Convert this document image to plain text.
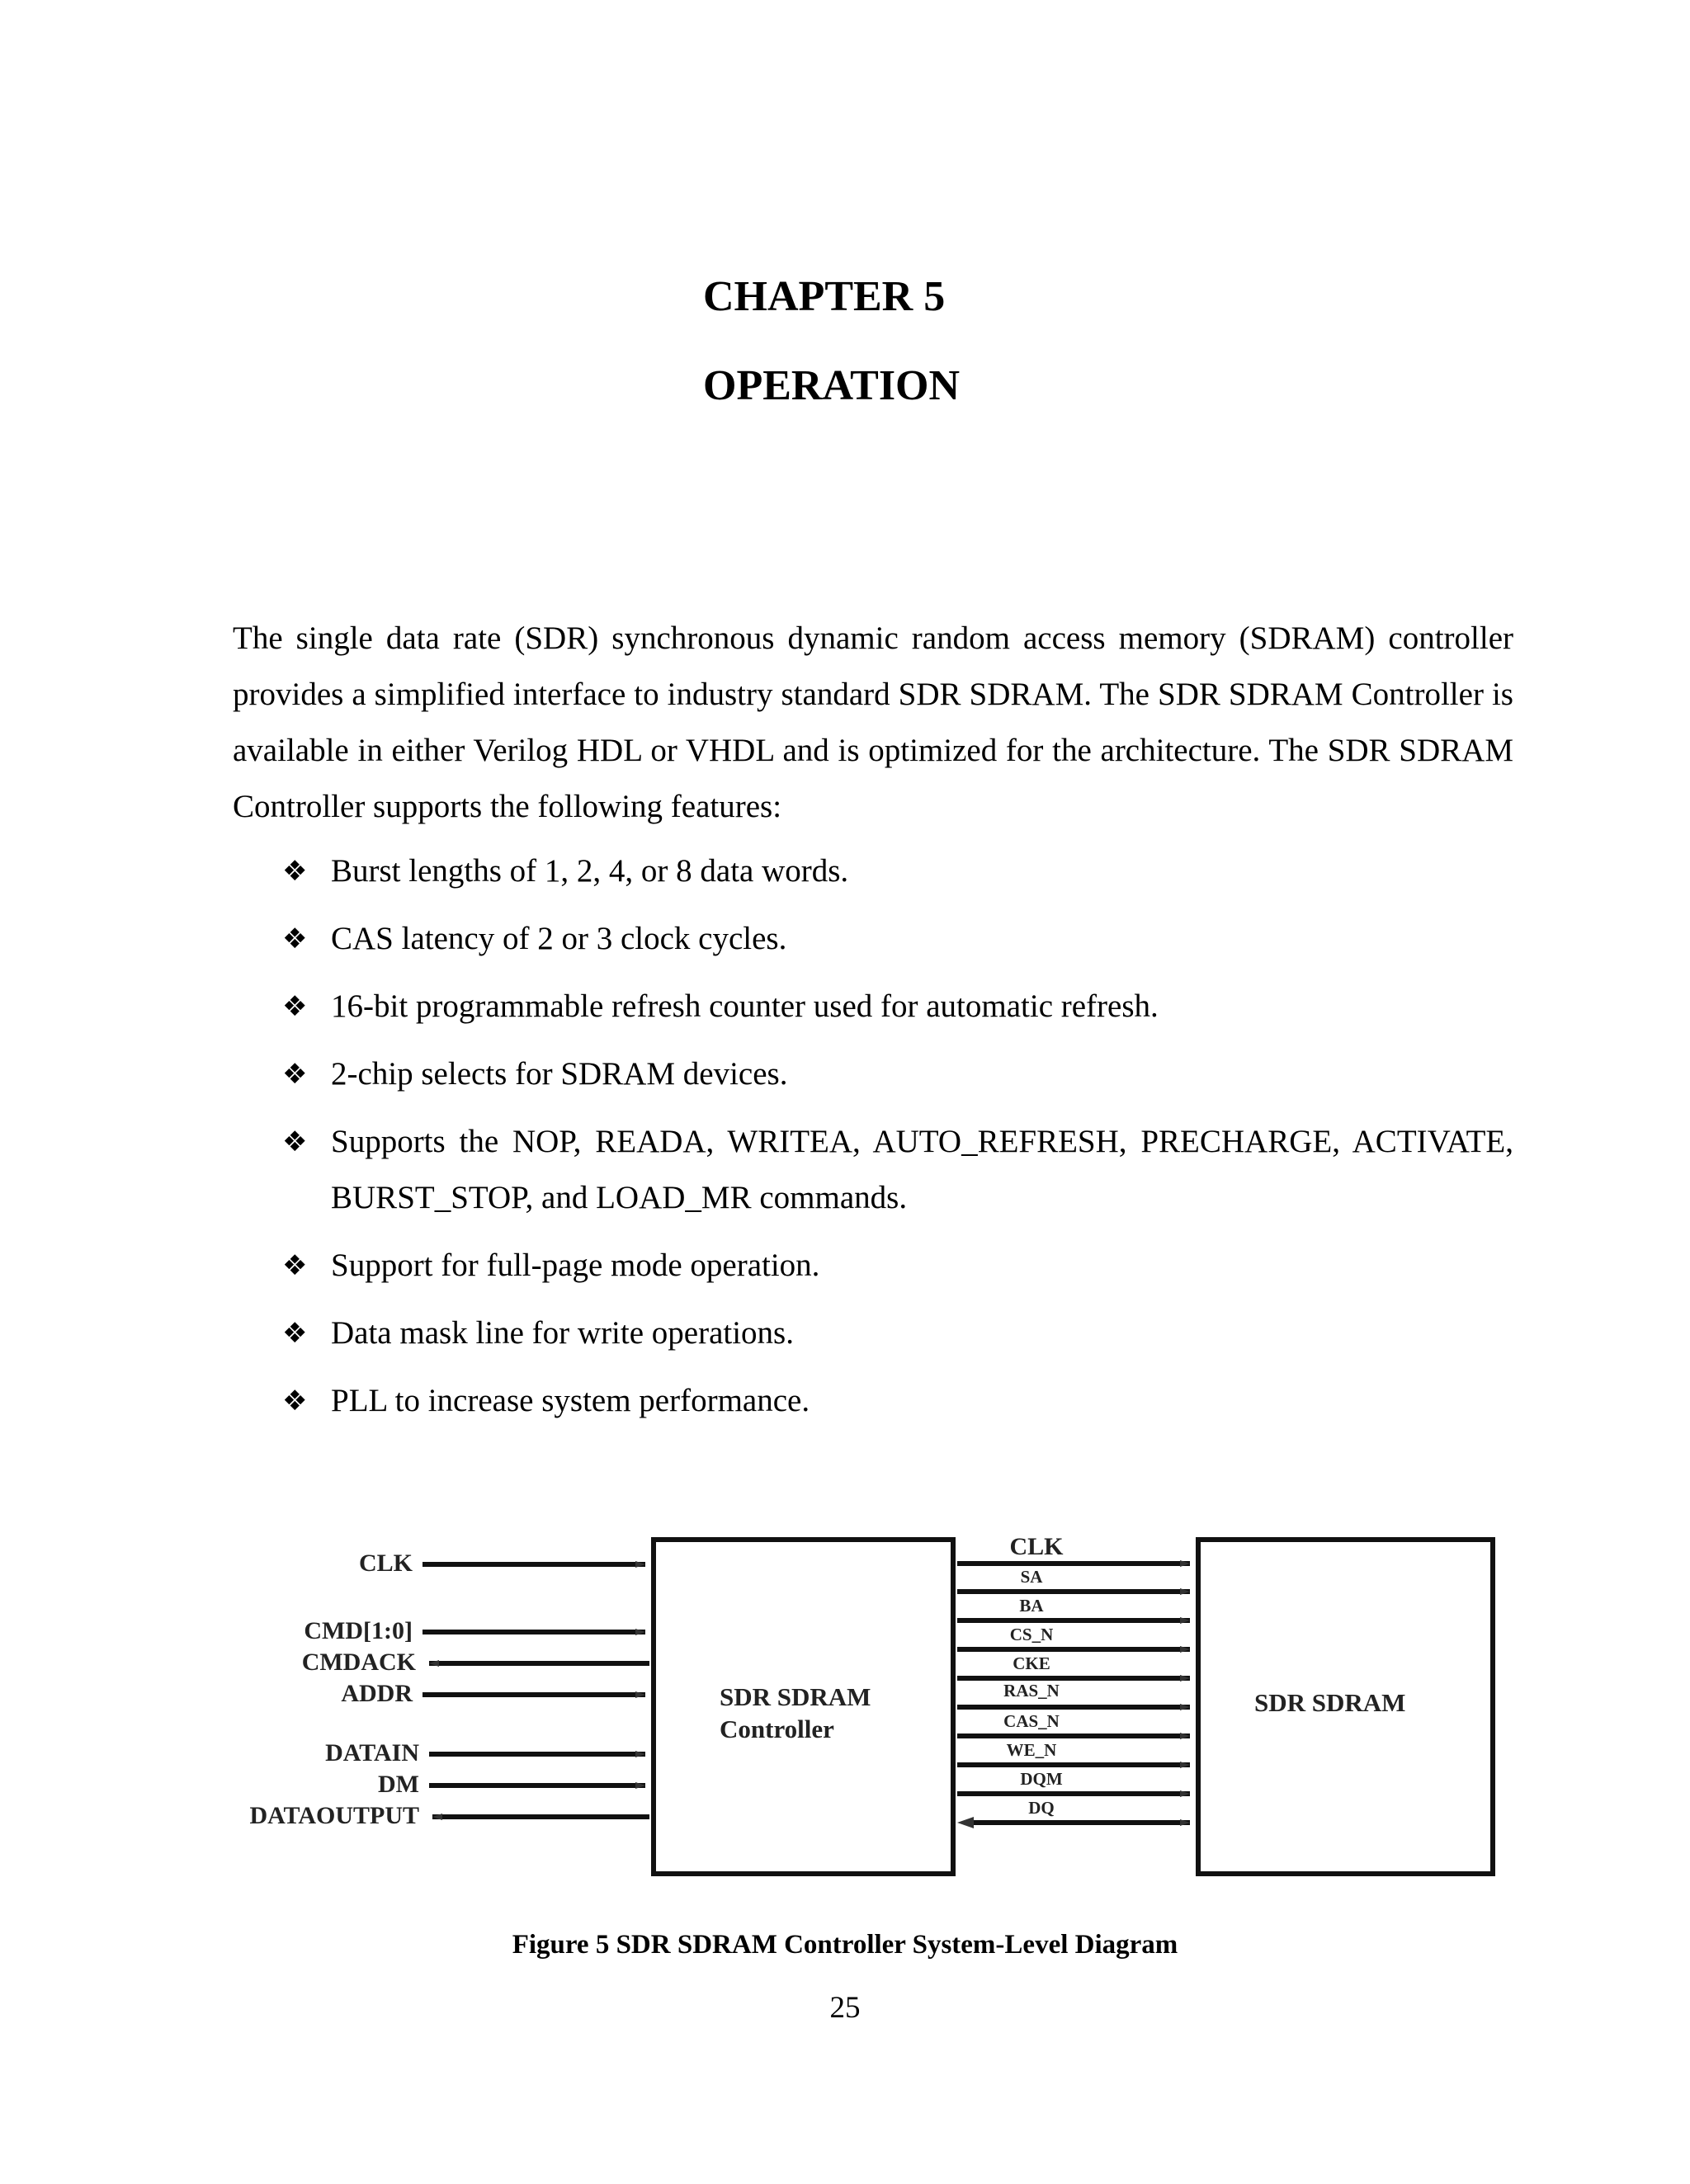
CHAPTER 5
OPERATION

The single data rate (SDR) synchronous dynamic random access memory (SDRAM) controller provides a simplified interface to industry standard SDR SDRAM. The SDR SDRAM Controller is available in either Verilog HDL or VHDL and is optimized for the architecture. The SDR SDRAM Controller supports the following features:

❖ Burst lengths of 1, 2, 4, or 8 data words.
❖ CAS latency of 2 or 3 clock cycles.
❖ 16-bit programmable refresh counter used for automatic refresh.
❖ 2-chip selects for SDRAM devices.
❖ Supports the NOP, READA, WRITEA, AUTO_REFRESH, PRECHARGE, ACTIVATE, BURST_STOP, and LOAD_MR commands.
❖ Support for full-page mode operation.
❖ Data mask line for write operations.
❖ PLL to increase system performance.
SDR SDRAM
Controller
SDR SDRAM
CLK
CMD[1:0]
CMDACK
ADDR
DATAIN
DM
DATAOUTPUT
CLK
SA
BA
CS_N
CKE
RAS_N
CAS_N
WE_N
DQM
DQ
Figure 5 SDR SDRAM Controller System-Level Diagram
25
